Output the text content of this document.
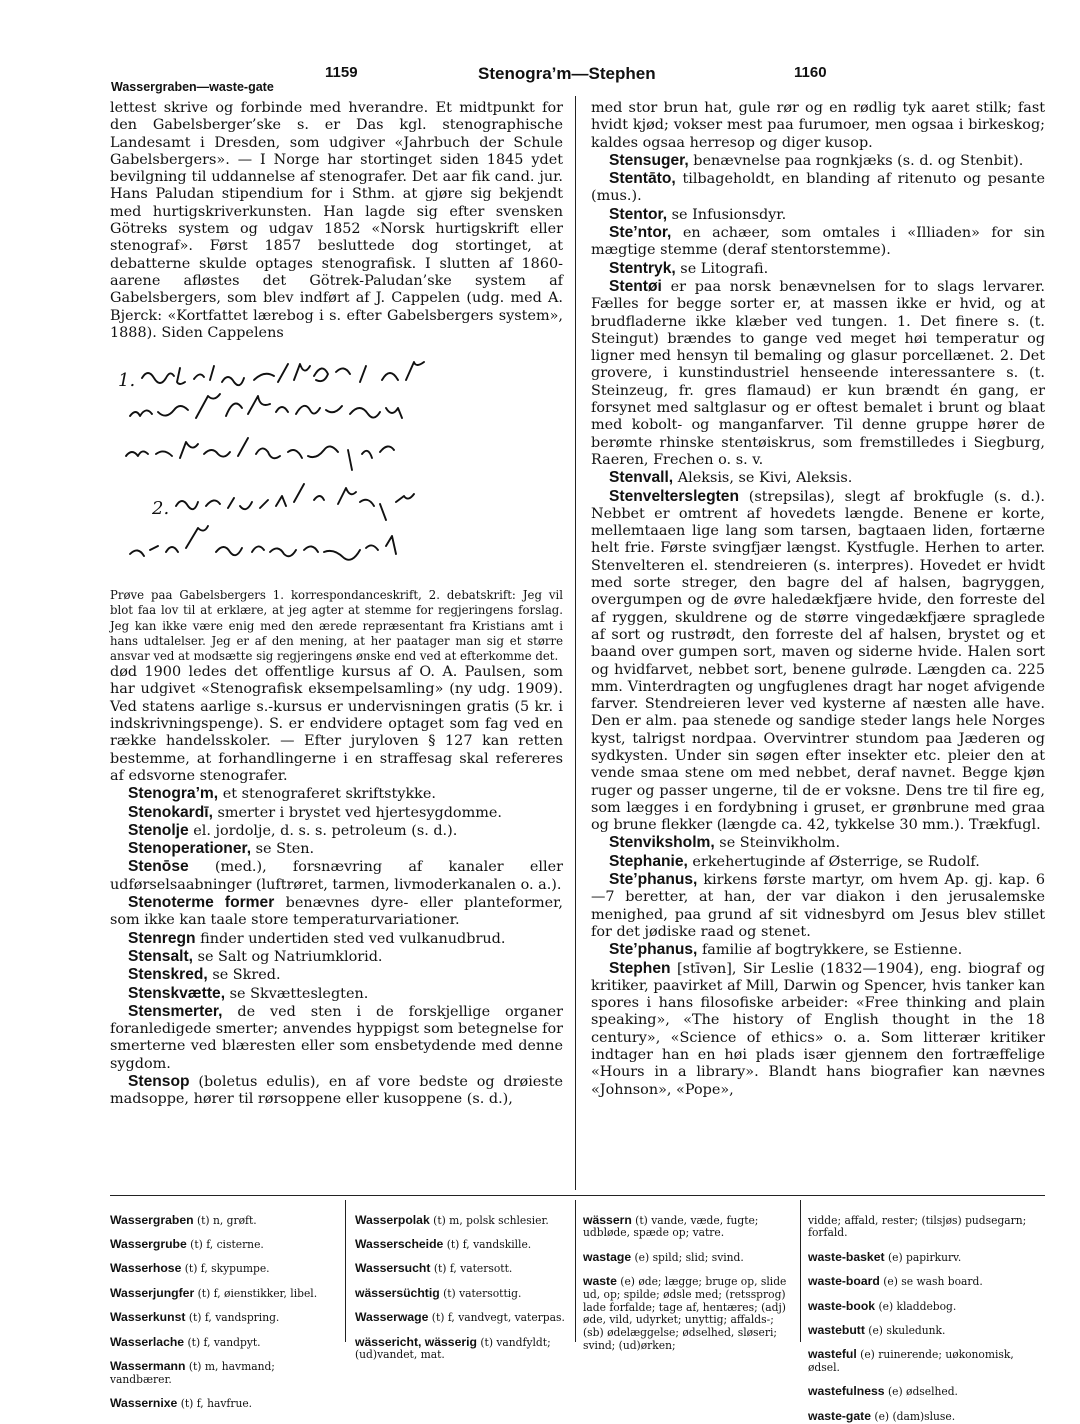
1159	Stenogra’m—Stephen	1160
Wassergraben—waste-gate

lettest skrive og forbinde med hverandre. Et midtpunkt for den Gabelsberger’ske s. er Das kgl. stenographische Landesamt i Dresden, som udgiver «Jahrbuch der Schule Gabelsbergers». — I Norge har stortinget siden 1845 ydet bevilgning til uddannelse af stenografer. Det aar fik cand. jur. Hans Paludan stipendium for i Sthm. at gjøre sig bekjendt med hurtigskriverkunsten. Han lagde sig efter svensken Götreks system og udgav 1852 «Norsk hurtigskrift eller stenograf». Først 1857 besluttede dog stortinget, at debatterne skulde optages stenografisk. I slutten af 1860-aarene afløstes det Götrek-Paludan’ske system af Gabelsbergers, som blev indført af J. Cappelen (udg. med A. Bjerck: «Kortfattet lærebog i s. efter Gabelsbergers system», 1888). Siden Cappelens

1.
2.

Prøve paa Gabelsbergers 1. korrespondanceskrift, 2. debatskrift: Jeg vil blot faa lov til at erklære, at jeg agter at stemme for regjeringens forslag. Jeg kan ikke være enig med den ærede repræsentant fra Kristians amt i hans udtalelser. Jeg er af den mening, at her paatager man sig et større ansvar ved at modsætte sig regjeringens ønske end ved at efterkomme det.

død 1900 ledes det offentlige kursus af O. A. Paulsen, som har udgivet «Stenografisk eksempelsamling» (ny udg. 1909). Ved statens aarlige s.-kursus er undervisningen gratis (5 kr. i indskrivningspenge). S. er endvidere optaget som fag ved en række handelsskoler. — Efter juryloven § 127 kan retten bestemme, at forhandlingerne i en straffesag skal refereres af edsvorne stenografer.

Stenogra’m, et stenograferet skriftstykke.

Stenokardī, smerter i brystet ved hjertesygdomme.

Stenolje el. jordolje, d. s. s. petroleum (s. d.).

Stenoperationer, se Sten.

Stenōse (med.), forsnævring af kanaler eller udførselsaabninger (luftrøret, tarmen, livmoderkanalen o. a.).

Stenoterme former benævnes dyre- eller planteformer, som ikke kan taale store temperaturvariationer.

Stenregn finder undertiden sted ved vulkanudbrud.

Stensalt, se Salt og Natriumklorid.

Stenskred, se Skred.

Stenskvætte, se Skvætteslegten.

Stensmerter, de ved sten i de forskjellige organer foranledigede smerter; anvendes hyppigst som betegnelse for smerterne ved blæresten eller som ensbetydende med denne sygdom.

Stensop (boletus edulis), en af vore bedste og drøieste madsoppe, hører til rørsoppene eller kusoppene (s. d.),

med stor brun hat, gule rør og en rødlig tyk aaret stilk; fast hvidt kjød; vokser mest paa furumoer, men ogsaa i birkeskog; kaldes ogsaa herresop og diger kusop.

Stensuger, benævnelse paa rognkjæks (s. d. og Stenbit).

Stentāto, tilbageholdt, en blanding af ritenuto og pesante (mus.).

Stentor, se Infusionsdyr.

Ste’ntor, en achæer, som omtales i «Illiaden» for sin mægtige stemme (deraf stentorstemme).

Stentryk, se Litografi.

Stentøi er paa norsk benævnelsen for to slags lervarer. Fælles for begge sorter er, at massen ikke er hvid, og at brudfladerne ikke klæber ved tungen. 1. Det finere s. (t. Steingut) brændes to gange ved meget høi temperatur og ligner med hensyn til bemaling og glasur porcellænet. 2. Det grovere, i kunstindustriel henseende interessantere s. (t. Steinzeug, fr. gres flamaud) er kun brændt én gang, er forsynet med saltglasur og er oftest bemalet i brunt og blaat med kobolt- og manganfarver. Til denne gruppe hører de berømte rhinske stentøiskrus, som fremstilledes i Siegburg, Raeren, Frechen o. s. v.

Stenvall, Aleksis, se Kivi, Aleksis.

Stenvelterslegten (strepsilas), slegt af brokfugle (s. d.). Nebbet er omtrent af hovedets længde. Benene er korte, mellemtaaen lige lang som tarsen, bagtaaen liden, fortærne helt frie. Første svingfjær længst. Kystfugle. Herhen to arter. Stenvelteren el. stendreieren (s. interpres). Hovedet er hvidt med sorte streger, den bagre del af halsen, bagryggen, overgumpen og de øvre haledækfjære hvide, den forreste del af ryggen, skuldrene og de større vingedækfjære spraglede af sort og rustrødt, den forreste del af halsen, brystet og et baand over gumpen sort, maven og siderne hvide. Halen sort og hvidfarvet, nebbet sort, benene gulrøde. Længden ca. 225 mm. Vinterdragten og ungfuglenes dragt har noget afvigende farver. Stendreieren lever ved kysterne af næsten alle have. Den er alm. paa stenede og sandige steder langs hele Norges kyst, talrigst nordpaa. Overvintrer stundom paa Jæderen og sydkysten. Under sin søgen efter insekter etc. pleier den at vende smaa stene om med nebbet, deraf navnet. Begge kjøn ruger og passer ungerne, til de er voksne. Dens tre til fire eg, som lægges i en fordybning i gruset, er grønbrune med graa og brune flekker (længde ca. 42, tykkelse 30 mm.). Trækfugl.

Stenviksholm, se Steinvikholm.

Stephanie, erkehertuginde af Østerrige, se Rudolf.

Ste’phanus, kirkens første martyr, om hvem Ap. gj. kap. 6—7 beretter, at han, der var diakon i den jerusalemske menighed, paa grund af sit vidnesbyrd om Jesus blev stillet for det jødiske raad og stenet.

Ste’phanus, familie af bogtrykkere, se Estienne.

Stephen [stīvən], Sir Leslie (1832—1904), eng. biograf og kritiker, paavirket af Mill, Darwin og Spencer, hvis tanker kan spores i hans filosofiske arbeider: «Free thinking and plain speaking», «The history of English thought in the 18 century», «Science of ethics» o. a. Som litterær kritiker indtager han en høi plads især gjennem den fortræffelige «Hours in a library». Blandt hans biografier kan nævnes «Johnson», «Pope»,

Wassergraben (t) n, grøft.

Wassergrube (t) f, cisterne.

Wasserhose (t) f, skypumpe.

Wasserjungfer (t) f, øienstikker, libel.

Wasserkunst (t) f, vandspring.

Wasserlache (t) f, vandpyt.

Wassermann (t) m, havmand; vandbærer.

Wassernixe (t) f, havfrue.

Wasserpolak (t) m, polsk schlesier.

Wasserscheide (t) f, vandskille.

Wassersucht (t) f, vatersott.

wässersüchtig (t) vatersottig.

Wasserwage (t) f, vandvegt, vaterpas.

wässericht, wässerig (t) vandfyldt; (ud)vandet, mat.

wässern (t) vande, væde, fugte; udbløde, spæde op; vatre.

wastage (e) spild; slid; svind.

waste (e) øde; lægge; bruge op, slide ud, op; spilde; ødsle med; (retssprog) lade forfalde; tage af, hentæres; (adj) øde, vild, udyrket; unyttig; affalds-; (sb) ødelæggelse; ødselhed, sløseri; svind; (ud)ørken;

vidde; affald, rester; (tilsjøs) pudsegarn; forfald.

waste-basket (e) papirkurv.

waste-board (e) se wash board.

waste-book (e) kladdebog.

wastebutt (e) skuledunk.

wasteful (e) ruinerende; uøkonomisk, ødsel.

wastefulness (e) ødselhed.

waste-gate (e) (dam)sluse.
